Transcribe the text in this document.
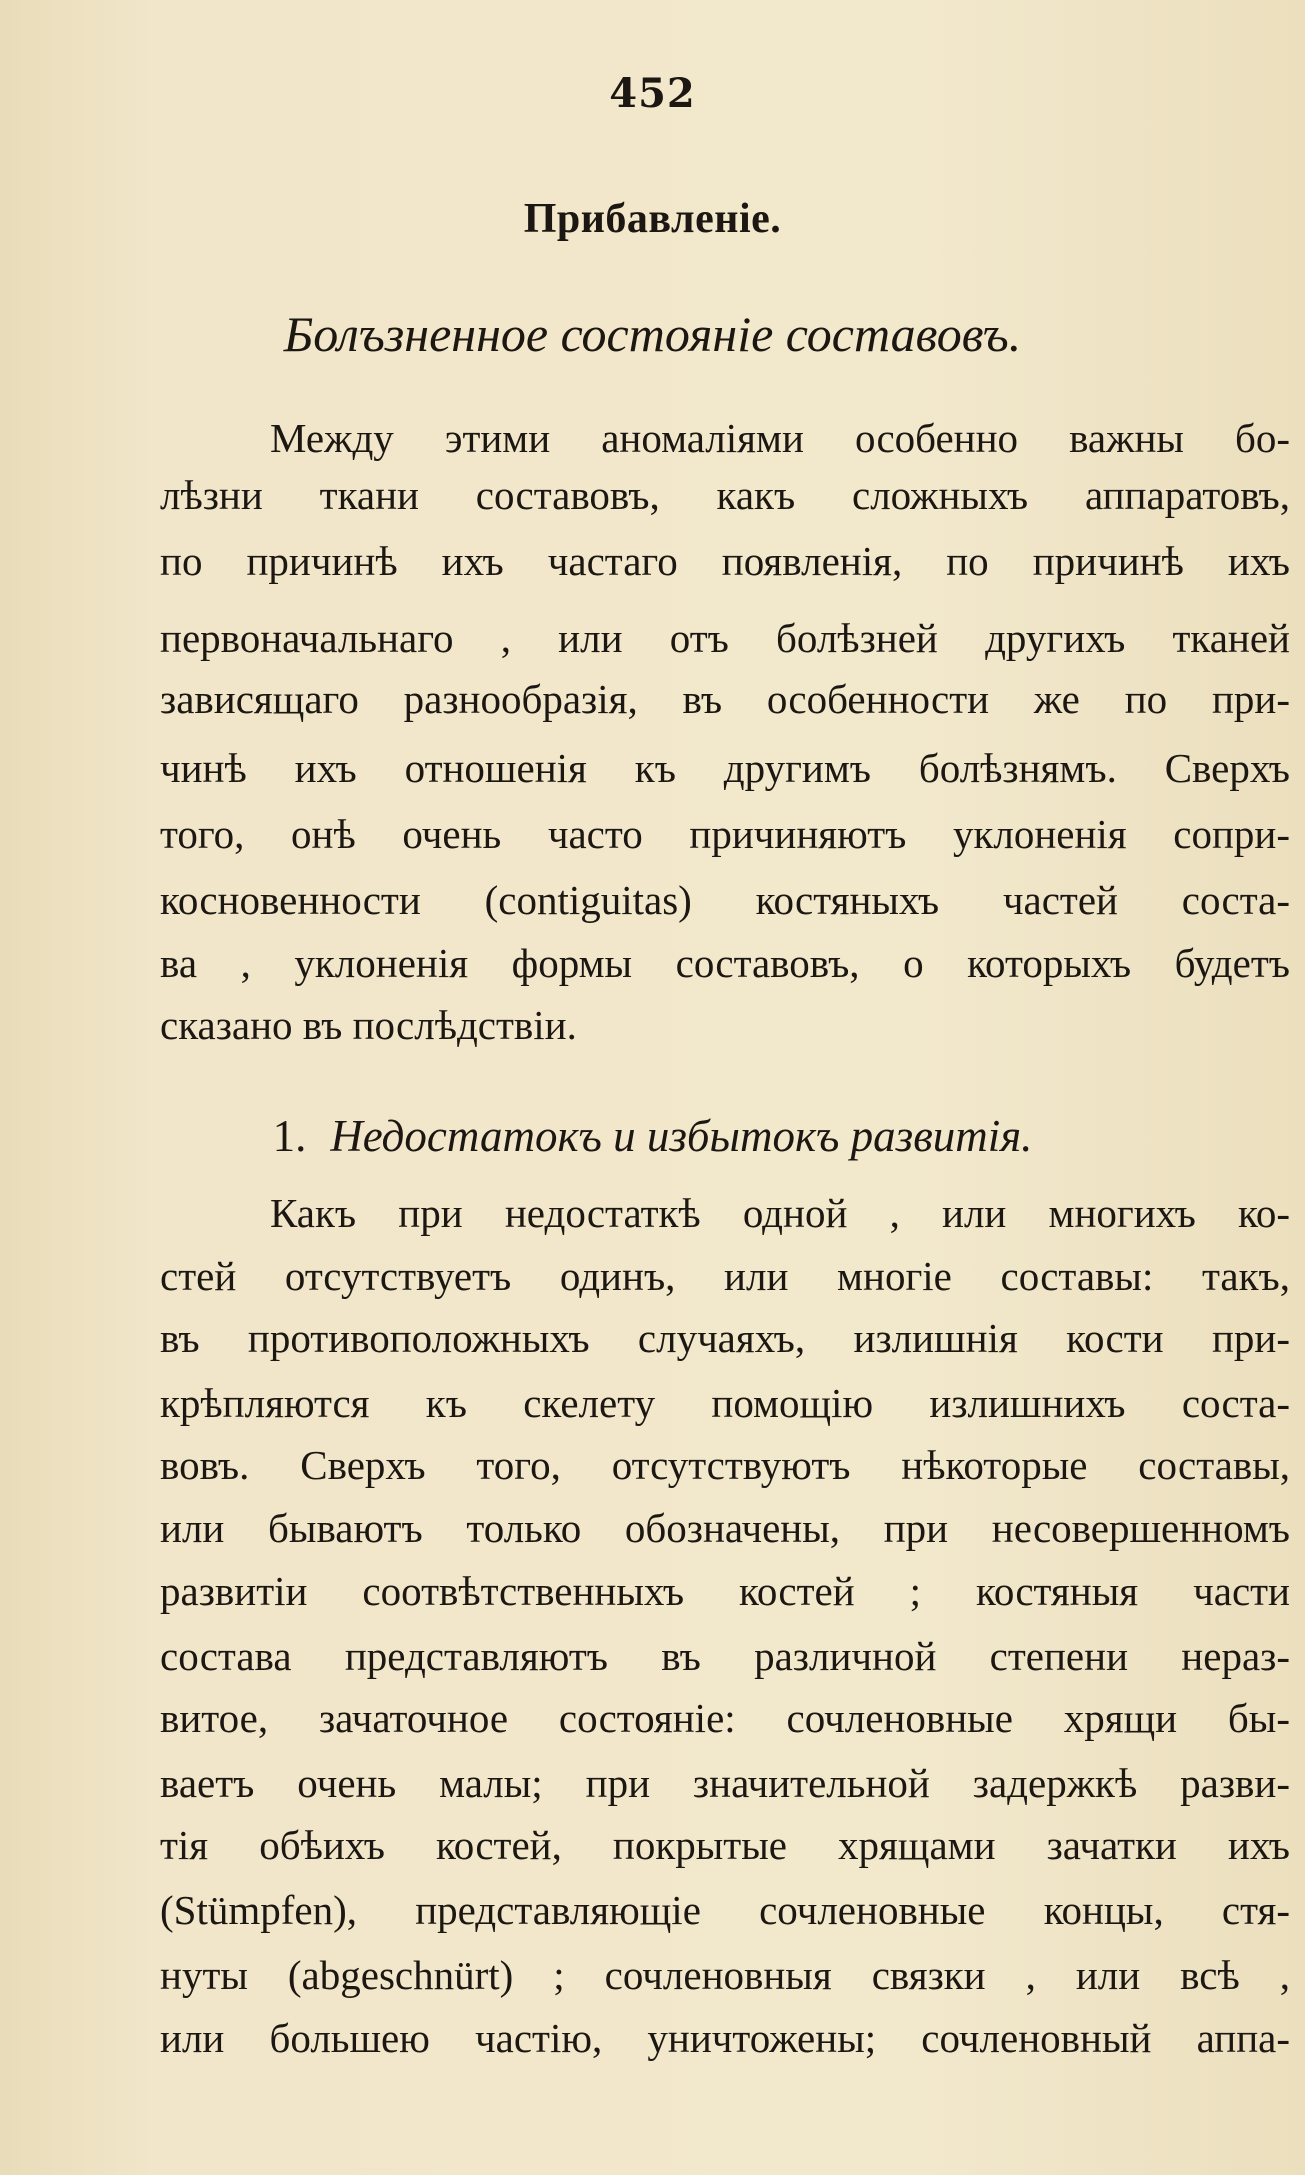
452
Прибавленіе.
Болъзненное состояніе составовъ.
Между этими аномаліями особенно важны бо-
лѣзни ткани составовъ, какъ сложныхъ аппаратовъ,
по причинѣ ихъ частаго появленія, по причинѣ ихъ
первоначальнаго , или отъ болѣзней другихъ тканей
зависящаго разнообразія, въ особенности же по при-
чинѣ ихъ отношенія къ другимъ болѣзнямъ. Сверхъ
того, онѣ очень часто причиняютъ уклоненія сопри-
косновенности (contiguitas) костяныхъ частей соста-
ва , уклоненія формы составовъ, о которыхъ будетъ
сказано въ послѣдствіи.
1. Недостатокъ и избытокъ развитія.
Какъ при недостаткѣ одной , или многихъ ко-
стей отсутствуетъ одинъ, или многіе составы: такъ,
въ противоположныхъ случаяхъ, излишнія кости при-
крѣпляются къ скелету помощію излишнихъ соста-
вовъ. Сверхъ того, отсутствуютъ нѣкоторые составы,
или бываютъ только обозначены, при несовершенномъ
развитіи соотвѣтственныхъ костей ; костяныя части
состава представляютъ въ различной степени нераз-
витое, зачаточное состояніе: сочленовные хрящи бы-
ваетъ очень малы; при значительной задержкѣ разви-
тія обѣихъ костей, покрытые хрящами зачатки ихъ
(Stümpfen), представляющіе сочленовные концы, стя-
нуты (abgeschnürt) ; сочленовныя связки , или всѣ ,
или большею частію, уничтожены; сочленовный аппа-
